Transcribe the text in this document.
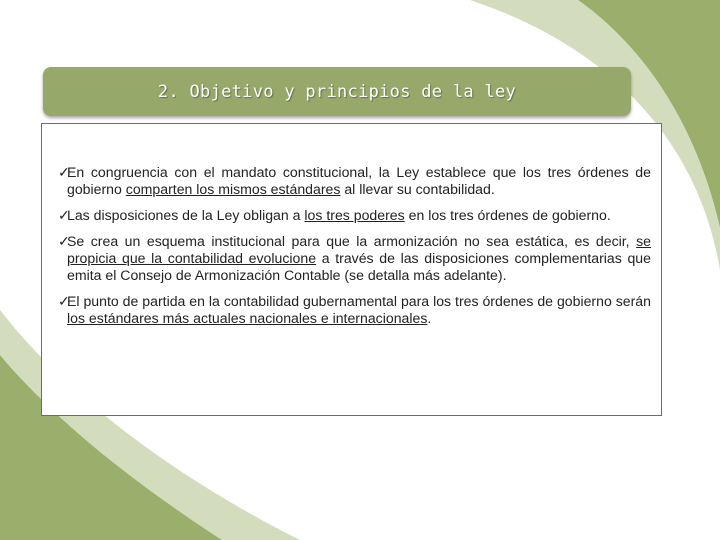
2. Objetivo y principios de la ley
✓
En congruencia con el mandato constitucional, la Ley establece que los tres órdenes de gobierno comparten los mismos estándares al llevar su contabilidad.
✓
Las disposiciones de la Ley obligan a los tres poderes en los tres órdenes de gobierno.
✓
Se crea un esquema institucional para que la armonización no sea estática, es decir, se propicia que la contabilidad evolucione a través de las disposiciones complementarias que emita el Consejo de Armonización Contable (se detalla más adelante).
✓
El punto de partida en la contabilidad gubernamental para los tres órdenes de gobierno serán los estándares más actuales nacionales e internacionales.
